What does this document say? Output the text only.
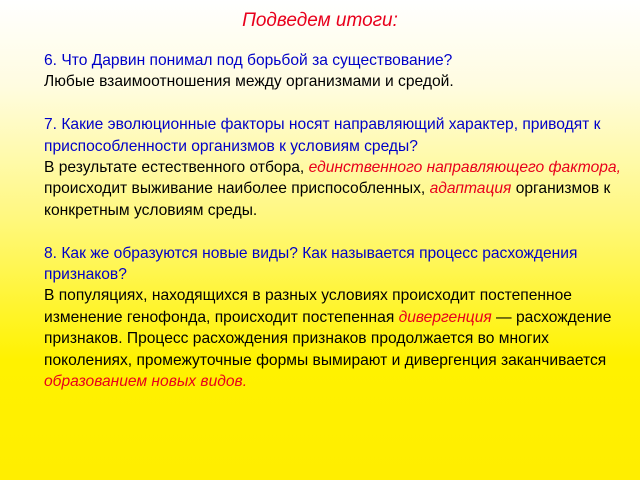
Подведем итоги:

6. Что Дарвин понимал под борьбой за существование?

Любые взаимоотношения между организмами и средой.

7. Какие эволюционные факторы носят направляющий характер, приводят к приспособленности организмов к условиям среды?

В результате естественного отбора, единственного направляющего фактора, происходит выживание наиболее приспособленных, адаптация организмов к конкретным условиям среды.

8. Как же образуются новые виды? Как называется процесс расхождения признаков?

В популяциях, находящихся в разных условиях происходит постепенное изменение генофонда, происходит постепенная дивергенция — расхождение признаков. Процесс расхождения признаков продолжается во многих поколениях, промежуточные формы вымирают и дивергенция заканчивается образованием новых видов.
